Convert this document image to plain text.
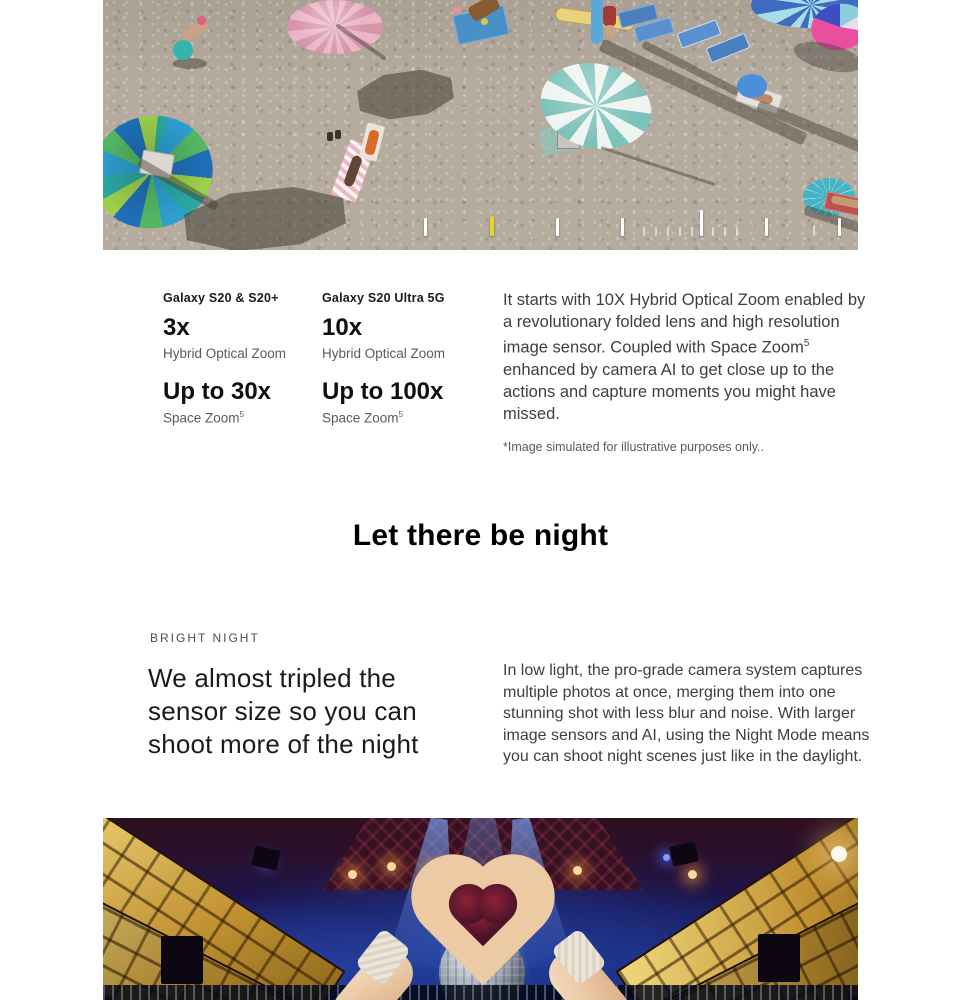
Galaxy S20 & S20+
3x
Hybrid Optical Zoom
Up to 30x
Space Zoom$^5$
Galaxy S20 Ultra 5G
10x
Hybrid Optical Zoom
Up to 100x
Space Zoom$^5$

It starts with 10X Hybrid Optical Zoom enabled by a revolutionary folded lens and high resolution image sensor. Coupled with Space Zoom$^5$ enhanced by camera AI to get close up to the actions and capture moments you might have missed.

*Image simulated for illustrative purposes only..

Let there be night
BRIGHT NIGHT
We almost tripled the sensor size so you can shoot more of the night

In low light, the pro-grade camera system captures multiple photos at once, merging them into one stunning shot with less blur and noise. With larger image sensors and AI, using the Night Mode means you can shoot night scenes just like in the daylight.
